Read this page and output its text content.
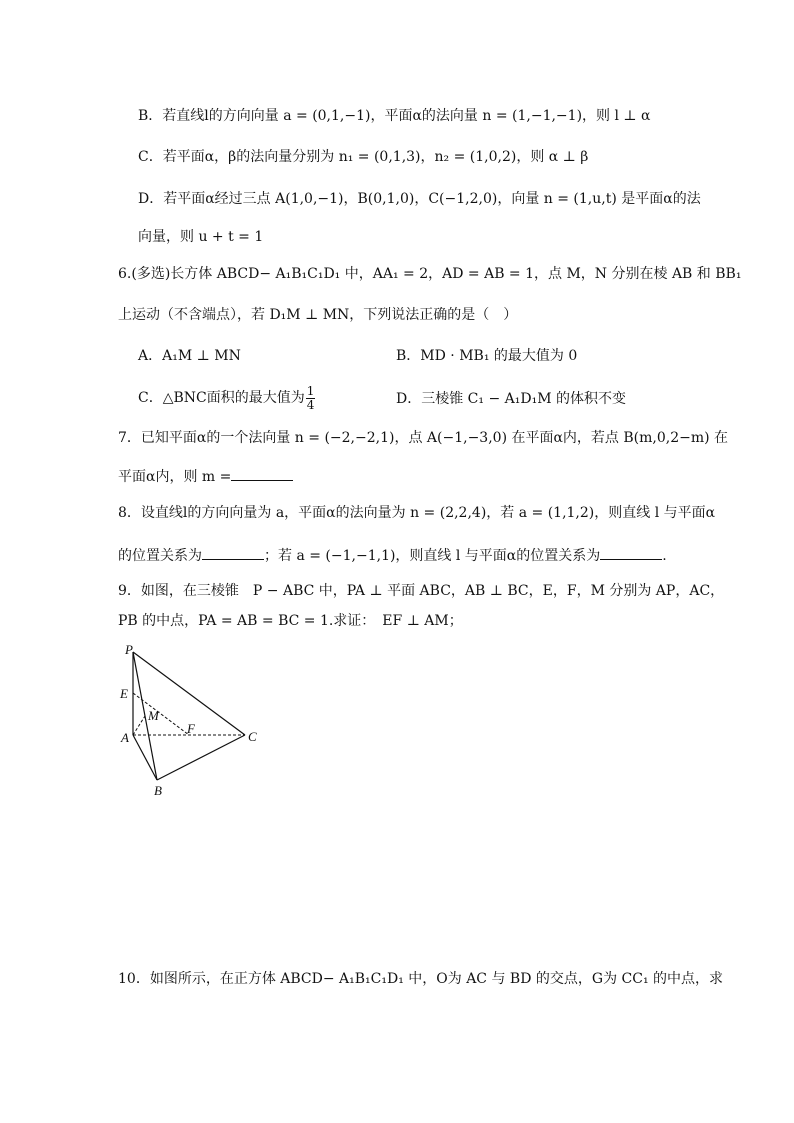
B．若直线l的方向向量 a = (0,1,−1)，平面α的法向量 n = (1,−1,−1)，则 l ⊥ α
C．若平面α，β的法向量分别为 n₁ = (0,1,3)，n₂ = (1,0,2)，则 α ⊥ β
D．若平面α经过三点 A(1,0,−1)，B(0,1,0)，C(−1,2,0)，向量 n = (1,u,t) 是平面α的法
向量，则 u + t = 1
6.(多选)长方体 ABCD− A₁B₁C₁D₁ 中，AA₁ = 2，AD = AB = 1，点 M，N 分别在棱 AB 和 BB₁
上运动（不含端点），若 D₁M ⊥ MN，下列说法正确的是（　）
A．A₁M ⊥ MN	B．MD · MB₁ 的最大值为 0
C．△BNC面积的最大值为 $\frac{1}{4}$	D．三棱锥 C₁ − A₁D₁M 的体积不变
7．已知平面α的一个法向量 n = (−2,−2,1)，点 A(−1,−3,0) 在平面α内，若点 B(m,0,2−m) 在
平面α内，则 m =
8．设直线l的方向向量为 a，平面α的法向量为 n = (2,2,4)，若 a = (1,1,2)，则直线 l 与平面α
的位置关系为	；若 a = (−1,−1,1)，则直线 l 与平面α的位置关系为	.
9．如图，在三棱锥　P − ABC 中，PA ⊥ 平面 ABC，AB ⊥ BC，E，F，M 分别为 AP，AC，
PB 的中点，PA = AB = BC = 1.求证：　EF ⊥ AM；
P
E
M
F
A	C
B
10．如图所示，在正方体 ABCD− A₁B₁C₁D₁ 中，O为 AC 与 BD 的交点，G为 CC₁ 的中点，求
